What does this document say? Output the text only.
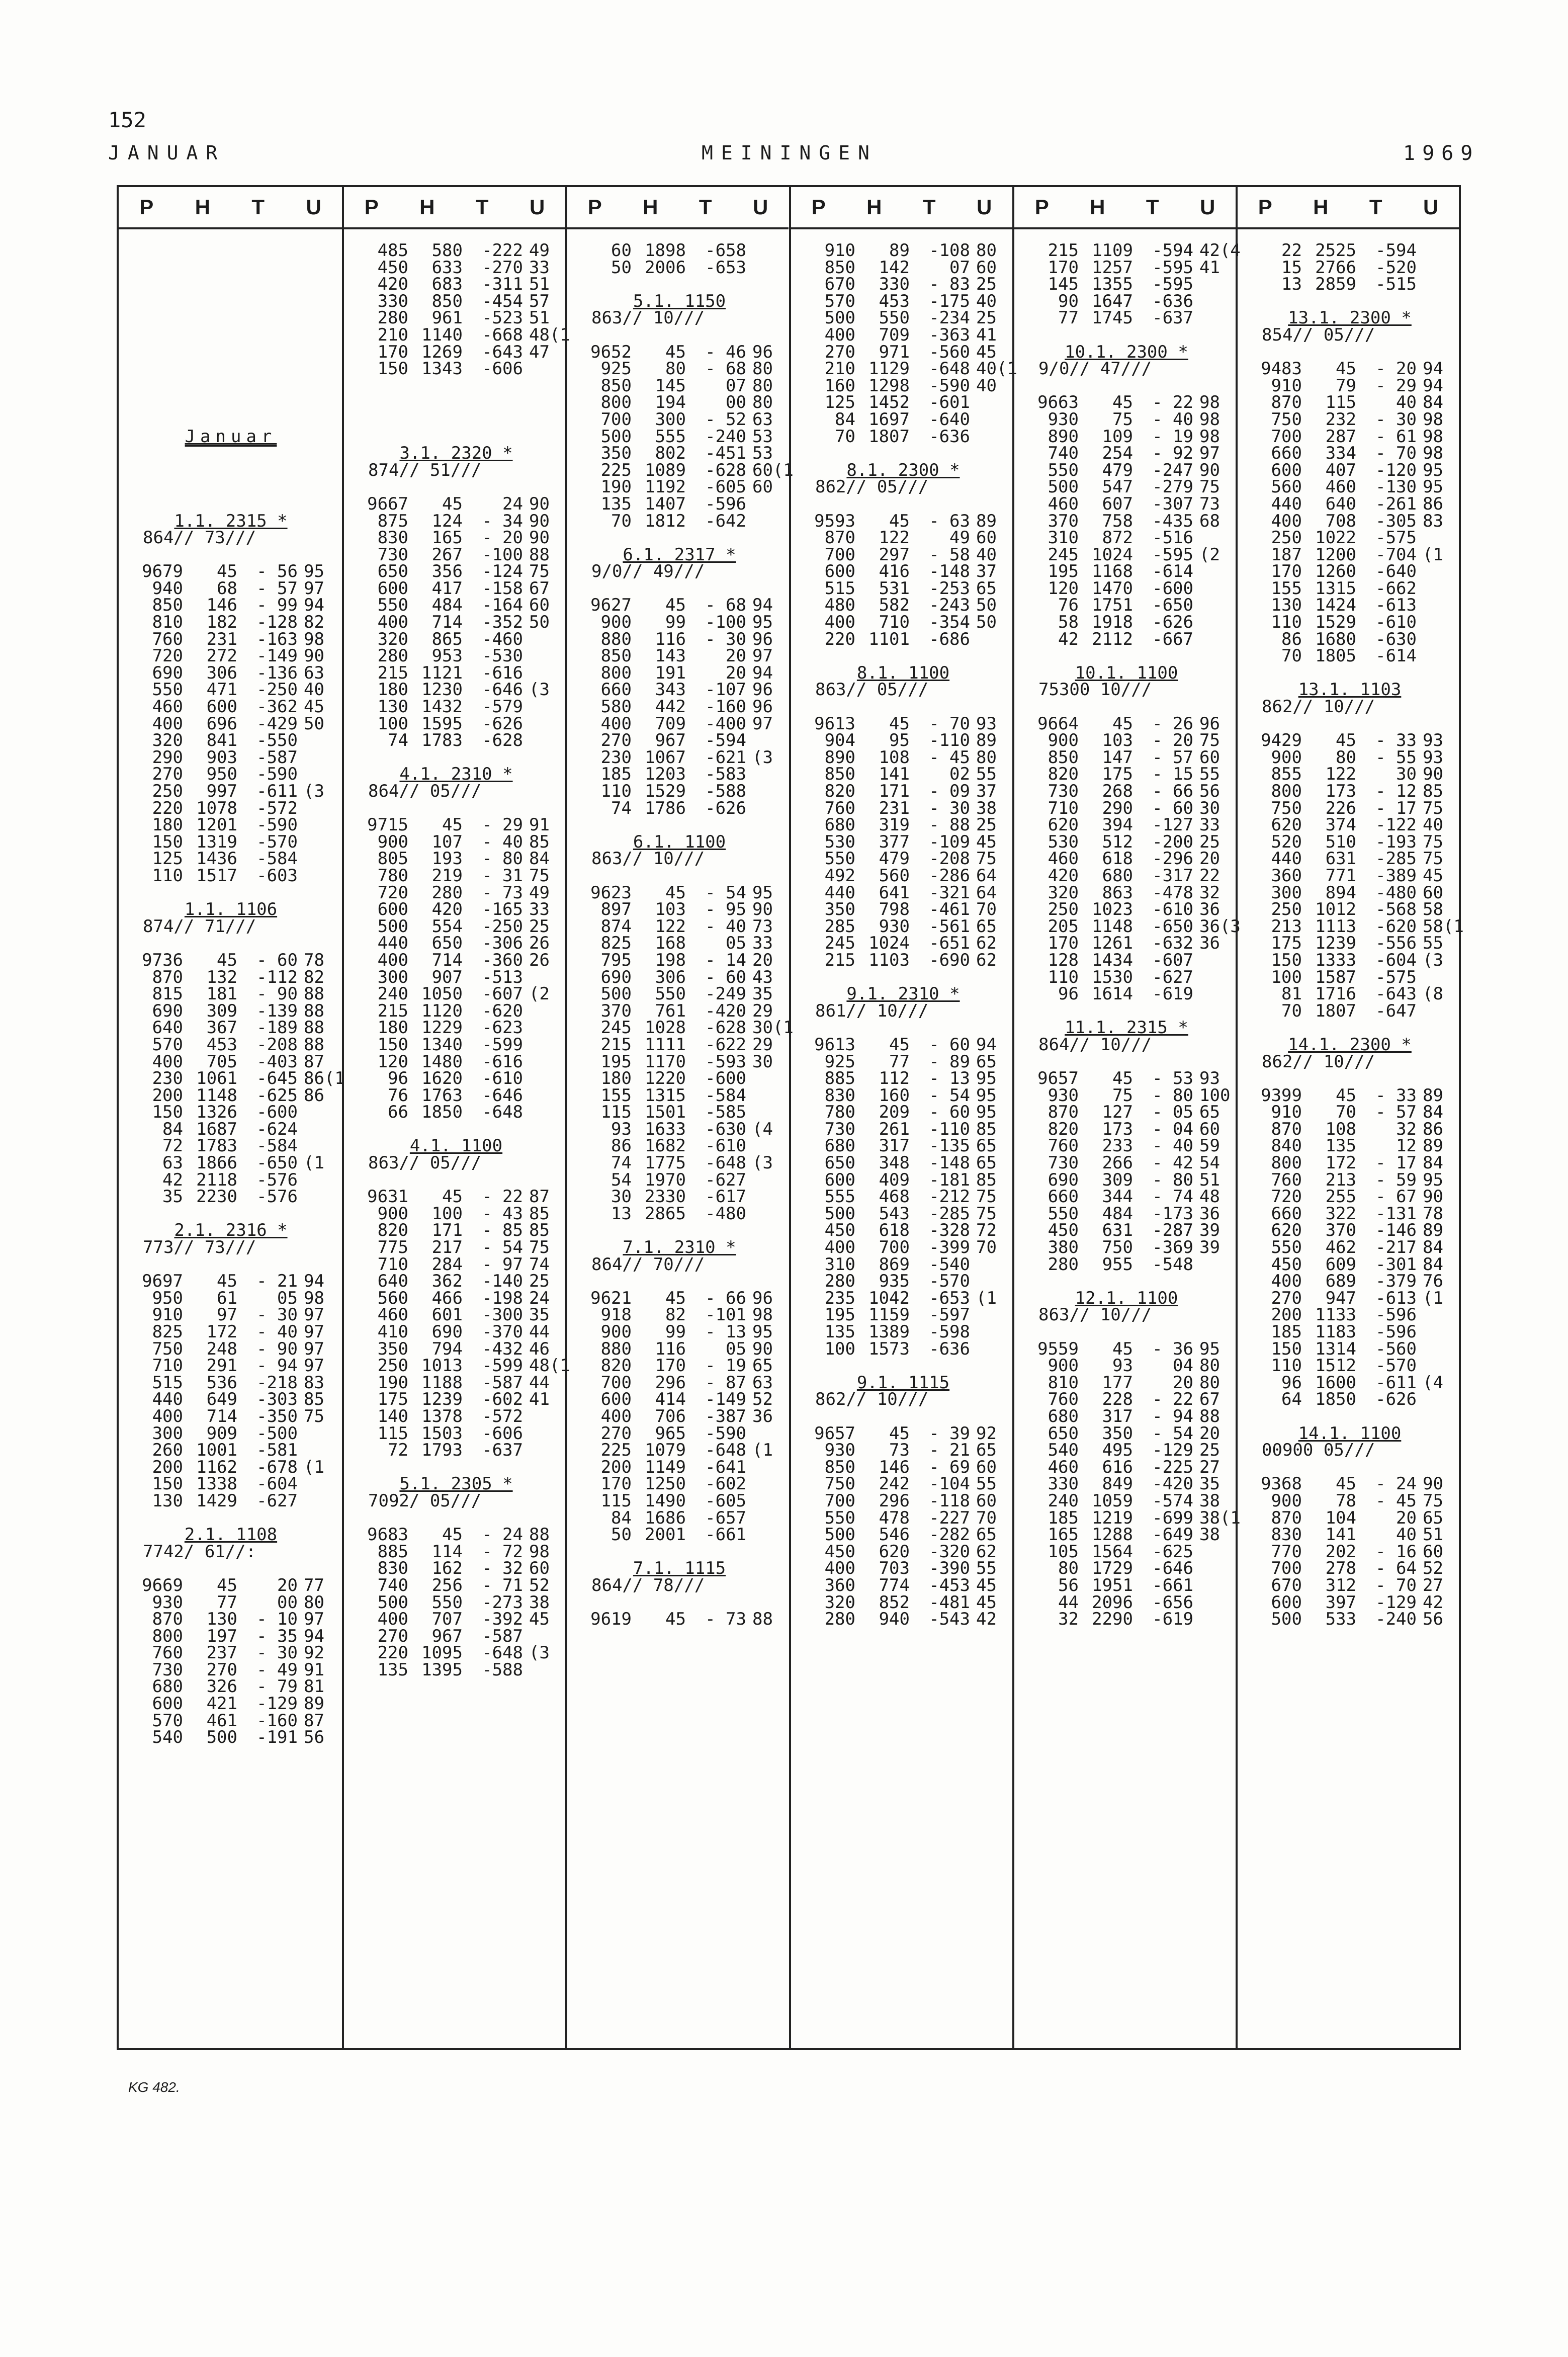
152
JANUAR	MEININGEN	1969
P H T U
Januar
1.1. 2315 *
864// 73///
9679 45 - 56 95
940 68 - 57 97
850 146 - 99 94
810 182 -128 82
760 231 -163 98
720 272 -149 90
690 306 -136 63
550 471 -250 40
460 600 -362 45
400 696 -429 50
320 841 -550
290 903 -587
270 950 -590
250 997 -611 (3
220 1078 -572
180 1201 -590
150 1319 -570
125 1436 -584
110 1517 -603
1.1. 1106
874// 71///
9736 45 - 60 78
870 132 -112 82
815 181 - 90 88
690 309 -139 88
640 367 -189 88
570 453 -208 88
400 705 -403 87
230 1061 -645 86(1
200 1148 -625 86
150 1326 -600
84 1687 -624
72 1783 -584
63 1866 -650 (1
42 2118 -576
35 2230 -576
2.1. 2316 *
773// 73///
9697 45 - 21 94
950 61 05 98
910 97 - 30 97
825 172 - 40 97
750 248 - 90 97
710 291 - 94 97
515 536 -218 83
440 649 -303 85
400 714 -350 75
300 909 -500
260 1001 -581
200 1162 -678 (1
150 1338 -604
130 1429 -627
2.1. 1108
7742/ 61//:
9669 45 20 77
930 77 00 80
870 130 - 10 97
800 197 - 35 94
760 237 - 30 92
730 270 - 49 91
680 326 - 79 81
600 421 -129 89
570 461 -160 87
540 500 -191 56
P H T U
485 580 -222 49
450 633 -270 33
420 683 -311 51
330 850 -454 57
280 961 -523 51
210 1140 -668 48(1
170 1269 -643 47
150 1343 -606
3.1. 2320 *
874// 51///
9667 45 24 90
875 124 - 34 90
830 165 - 20 90
730 267 -100 88
650 356 -124 75
600 417 -158 67
550 484 -164 60
400 714 -352 50
320 865 -460
280 953 -530
215 1121 -616
180 1230 -646 (3
130 1432 -579
100 1595 -626
74 1783 -628
4.1. 2310 *
864// 05///
9715 45 - 29 91
900 107 - 40 85
805 193 - 80 84
780 219 - 31 75
720 280 - 73 49
600 420 -165 33
500 554 -250 25
440 650 -306 26
400 714 -360 26
300 907 -513
240 1050 -607 (2
215 1120 -620
180 1229 -623
150 1340 -599
120 1480 -616
96 1620 -610
76 1763 -646
66 1850 -648
4.1. 1100
863// 05///
9631 45 - 22 87
900 100 - 43 85
820 171 - 85 85
775 217 - 54 75
710 284 - 97 74
640 362 -140 25
560 466 -198 24
460 601 -300 35
410 690 -370 44
350 794 -432 46
250 1013 -599 48(1
190 1188 -587 44
175 1239 -602 41
140 1378 -572
115 1503 -606
72 1793 -637
5.1. 2305 *
7092/ 05///
9683 45 - 24 88
885 114 - 72 98
830 162 - 32 60
740 256 - 71 52
500 550 -273 38
400 707 -392 45
270 967 -587
220 1095 -648 (3
135 1395 -588
P H T U
60 1898 -658
50 2006 -653
5.1. 1150
863// 10///
9652 45 - 46 96
925 80 - 68 80
850 145 07 80
800 194 00 80
700 300 - 52 63
500 555 -240 53
350 802 -451 53
225 1089 -628 60(1
190 1192 -605 60
135 1407 -596
70 1812 -642
6.1. 2317 *
9/0// 49///
9627 45 - 68 94
900 99 -100 95
880 116 - 30 96
850 143 20 97
800 191 20 94
660 343 -107 96
580 442 -160 96
400 709 -400 97
270 967 -594
230 1067 -621 (3
185 1203 -583
110 1529 -588
74 1786 -626
6.1. 1100
863// 10///
9623 45 - 54 95
897 103 - 95 90
874 122 - 40 73
825 168 05 33
795 198 - 14 20
690 306 - 60 43
500 550 -249 35
370 761 -420 29
245 1028 -628 30(1
215 1111 -622 29
195 1170 -593 30
180 1220 -600
155 1315 -584
115 1501 -585
93 1633 -630 (4
86 1682 -610
74 1775 -648 (3
54 1970 -627
30 2330 -617
13 2865 -480
7.1. 2310 *
864// 70///
9621 45 - 66 96
918 82 -101 98
900 99 - 13 95
880 116 05 90
820 170 - 19 65
700 296 - 87 63
600 414 -149 52
400 706 -387 36
270 965 -590
225 1079 -648 (1
200 1149 -641
170 1250 -602
115 1490 -605
84 1686 -657
50 2001 -661
7.1. 1115
864// 78///
9619 45 - 73 88
P H T U
910 89 -108 80
850 142 07 60
670 330 - 83 25
570 453 -175 40
500 550 -234 25
400 709 -363 41
270 971 -560 45
210 1129 -648 40(1
160 1298 -590 40
125 1452 -601
84 1697 -640
70 1807 -636
8.1. 2300 *
862// 05///
9593 45 - 63 89
870 122 49 60
700 297 - 58 40
600 416 -148 37
515 531 -253 65
480 582 -243 50
400 710 -354 50
220 1101 -686
8.1. 1100
863// 05///
9613 45 - 70 93
904 95 -110 89
890 108 - 45 80
850 141 02 55
820 171 - 09 37
760 231 - 30 38
680 319 - 88 25
530 377 -109 45
550 479 -208 75
492 560 -286 64
440 641 -321 64
350 798 -461 70
285 930 -561 65
245 1024 -651 62
215 1103 -690 62
9.1. 2310 *
861// 10///
9613 45 - 60 94
925 77 - 89 65
885 112 - 13 95
830 160 - 54 95
780 209 - 60 95
730 261 -110 85
680 317 -135 65
650 348 -148 65
600 409 -181 85
555 468 -212 75
500 543 -285 75
450 618 -328 72
400 700 -399 70
310 869 -540
280 935 -570
235 1042 -653 (1
195 1159 -597
135 1389 -598
100 1573 -636
9.1. 1115
862// 10///
9657 45 - 39 92
930 73 - 21 65
850 146 - 69 60
750 242 -104 55
700 296 -118 60
550 478 -227 70
500 546 -282 65
450 620 -320 62
400 703 -390 55
360 774 -453 45
320 852 -481 45
280 940 -543 42
P H T U
215 1109 -594 42(4
170 1257 -595 41
145 1355 -595
90 1647 -636
77 1745 -637
10.1. 2300 *
9/0// 47///
9663 45 - 22 98
930 75 - 40 98
890 109 - 19 98
740 254 - 92 97
550 479 -247 90
500 547 -279 75
460 607 -307 73
370 758 -435 68
310 872 -516
245 1024 -595 (2
195 1168 -614
120 1470 -600
76 1751 -650
58 1918 -626
42 2112 -667
10.1. 1100
75300 10///
9664 45 - 26 96
900 103 - 20 75
850 147 - 57 60
820 175 - 15 55
730 268 - 66 56
710 290 - 60 30
620 394 -127 33
530 512 -200 25
460 618 -296 20
420 680 -317 22
320 863 -478 32
250 1023 -610 36
205 1148 -650 36(3
170 1261 -632 36
128 1434 -607
110 1530 -627
96 1614 -619
11.1. 2315 *
864// 10///
9657 45 - 53 93
930 75 - 80 100
870 127 - 05 65
820 173 - 04 60
760 233 - 40 59
730 266 - 42 54
690 309 - 80 51
660 344 - 74 48
550 484 -173 36
450 631 -287 39
380 750 -369 39
280 955 -548
12.1. 1100
863// 10///
9559 45 - 36 95
900 93 04 80
810 177 20 80
760 228 - 22 67
680 317 - 94 88
650 350 - 54 20
540 495 -129 25
460 616 -225 27
330 849 -420 35
240 1059 -574 38
185 1219 -699 38(1
165 1288 -649 38
105 1564 -625
80 1729 -646
56 1951 -661
44 2096 -656
32 2290 -619
P H T U
22 2525 -594
15 2766 -520
13 2859 -515
13.1. 2300 *
854// 05///
9483 45 - 20 94
910 79 - 29 94
870 115 40 84
750 232 - 30 98
700 287 - 61 98
660 334 - 70 98
600 407 -120 95
560 460 -130 95
440 640 -261 86
400 708 -305 83
250 1022 -575
187 1200 -704 (1
170 1260 -640
155 1315 -662
130 1424 -613
110 1529 -610
86 1680 -630
70 1805 -614
13.1. 1103
862// 10///
9429 45 - 33 93
900 80 - 55 93
855 122 30 90
800 173 - 12 85
750 226 - 17 75
620 374 -122 40
520 510 -193 75
440 631 -285 75
360 771 -389 45
300 894 -480 60
250 1012 -568 58
213 1113 -620 58(1
175 1239 -556 55
150 1333 -604 (3
100 1587 -575
81 1716 -643 (8
70 1807 -647
14.1. 2300 *
862// 10///
9399 45 - 33 89
910 70 - 57 84
870 108 32 86
840 135 12 89
800 172 - 17 84
760 213 - 59 95
720 255 - 67 90
660 322 -131 78
620 370 -146 89
550 462 -217 84
450 609 -301 84
400 689 -379 76
270 947 -613 (1
200 1133 -596
185 1183 -596
150 1314 -560
110 1512 -570
96 1600 -611 (4
64 1850 -626
14.1. 1100
00900 05///
9368 45 - 24 90
900 78 - 45 75
870 104 20 65
830 141 40 51
770 202 - 16 60
700 278 - 64 52
670 312 - 70 27
600 397 -129 42
500 533 -240 56
KG 482.
